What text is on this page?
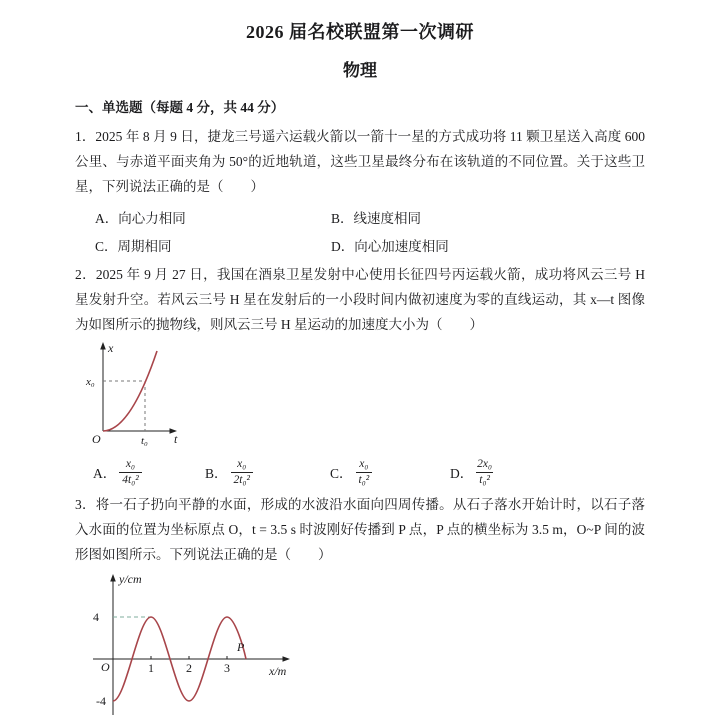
2026 届名校联盟第一次调研
物理
一、单选题（每题 4 分，共 44 分）
1．2025 年 8 月 9 日，捷龙三号遥六运载火箭以一箭十一星的方式成功将 11 颗卫星送入高度 600 公里、与赤道平面夹角为 50°的近地轨道，这些卫星最终分布在该轨道的不同位置。关于这些卫星，下列说法正确的是（　　）
A． 向心力相同	B． 线速度相同
C． 周期相同	D． 向心加速度相同
2．2025 年 9 月 27 日，我国在酒泉卫星发射中心使用长征四号丙运载火箭，成功将风云三号 H 星发射升空。若风云三号 H 星在发射后的一小段时间内做初速度为零的直线运动，其 x—t 图像为如图所示的抛物线，则风云三号 H 星运动的加速度大小为（　　）
x
t
O
x₀
t₀
A． $\frac{\text{x₀}}{\text{4t₀²}}$	B． $\frac{\text{x₀}}{\text{2t₀²}}$	C． $\frac{\text{x₀}}{\text{t₀²}}$	D． $\frac{\text{2x₀}}{\text{t₀²}}$
3．将一石子扔向平静的水面，形成的水波沿水面向四周传播。从石子落水开始计时，以石子落入水面的位置为坐标原点 O，t = 3.5 s 时波刚好传播到 P 点，P 点的横坐标为 3.5 m，O~P 间的波形图如图所示。下列说法正确的是（　　）
y/cm
x/m
O
4
-4
1	2	3
P
